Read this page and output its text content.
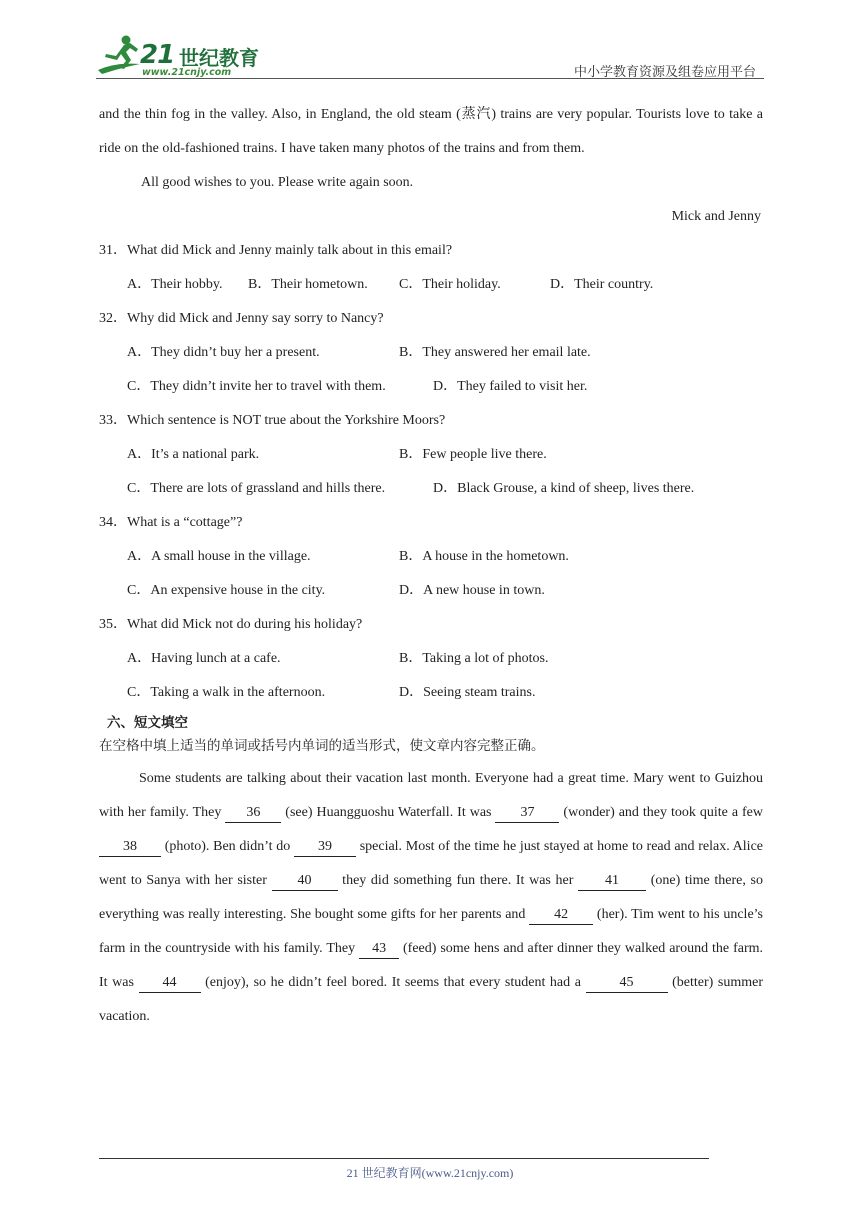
21 世纪教育
www.21cnjy.com	中小学教育资源及组卷应用平台

and the thin fog in the valley. Also, in England, the old steam (蒸汽) trains are very popular. Tourists love to take a ride on the old-fashioned trains. I have taken many photos of the trains and from them.

All good wishes to you. Please write again soon.

Mick and Jenny

31．What did Mick and Jenny mainly talk about in this email?

A．Their hobby. B．Their hometown. C．Their holiday.	D．Their country.

32．Why did Mick and Jenny say sorry to Nancy?

A．They didn’t buy her a present.	B．They answered her email late.
C．They didn’t invite her to travel with them.	D．They failed to visit her.

33．Which sentence is NOT true about the Yorkshire Moors?

A．It’s a national park.	B．Few people live there.
C．There are lots of grassland and hills there.	D．Black Grouse, a kind of sheep, lives there.

34．What is a “cottage”?

A．A small house in the village.	B．A house in the hometown.
C．An expensive house in the city.	D．A new house in town.

35．What did Mick not do during his holiday?

A．Having lunch at a cafe.	B．Taking a lot of photos.
C．Taking a walk in the afternoon.	D．Seeing steam trains.

六、短文填空

在空格中填上适当的单词或括号内单词的适当形式，使文章内容完整正确。

Some students are talking about their vacation last month. Everyone had a great time. Mary went to Guizhou with her family. They 36 (see) Huangguoshu Waterfall. It was 37 (wonder) and they took quite a few 38 (photo). Ben didn’t do 39 special. Most of the time he just stayed at home to read and relax. Alice went to Sanya with her sister 40 they did something fun there. It was her 41 (one) time there, so everything was really interesting. She bought some gifts for her parents and 42 (her). Tim went to his uncle’s farm in the countryside with his family. They 43 (feed) some hens and after dinner they walked around the farm. It was 44 (enjoy), so he didn’t feel bored. It seems that every student had a 45 (better) summer vacation.

21 世纪教育网(www.21cnjy.com)
